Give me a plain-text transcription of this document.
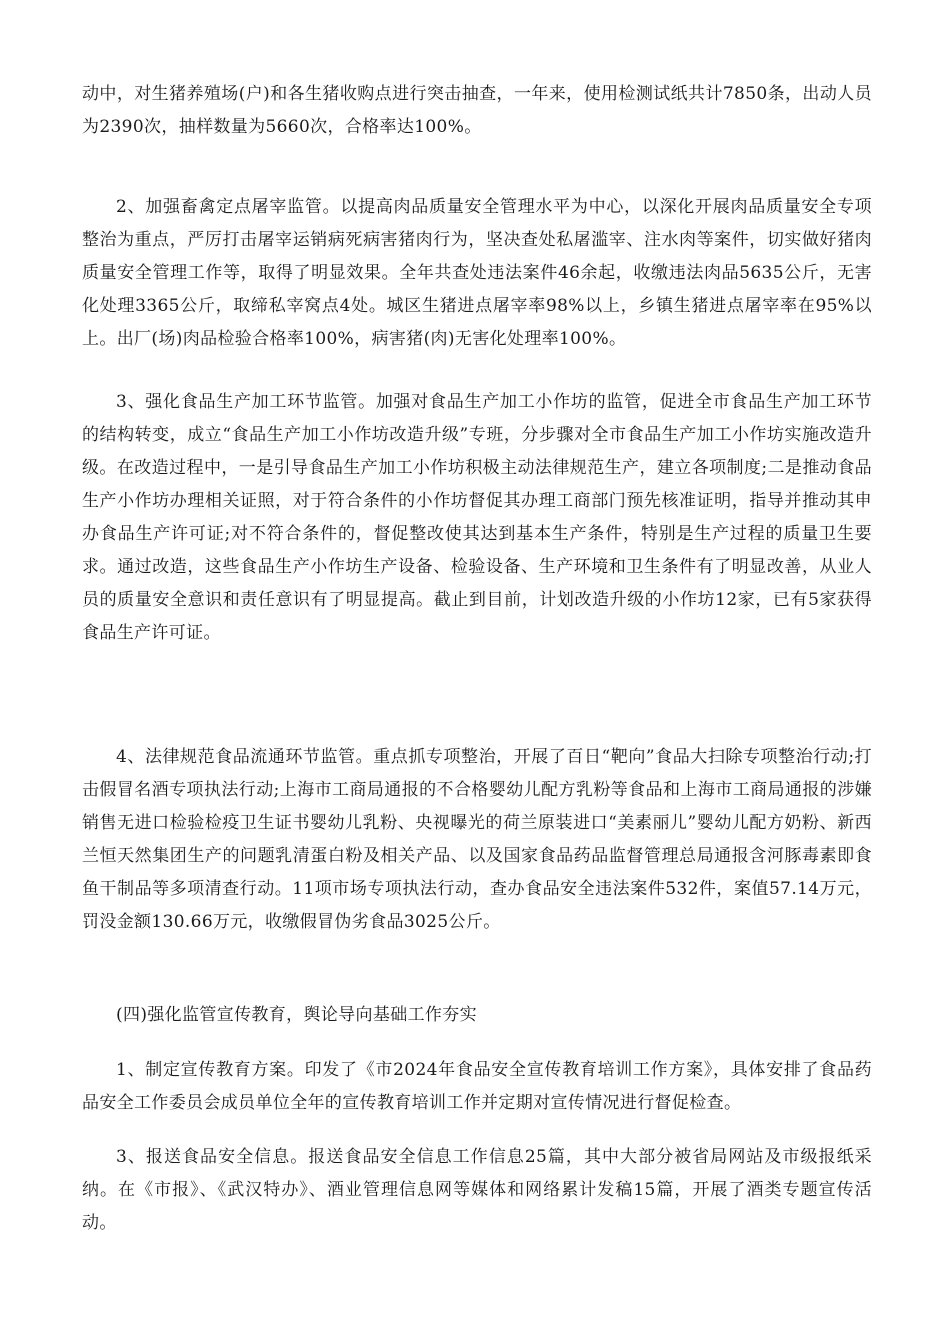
动中，对生猪养殖场(户)和各生猪收购点进行突击抽查，一年来，使用检测试纸共计7850条，出动人员为2390次，抽样数量为5660次，合格率达100%。

2、加强畜禽定点屠宰监管。以提高肉品质量安全管理水平为中心，以深化开展肉品质量安全专项整治为重点，严厉打击屠宰运销病死病害猪肉行为，坚决查处私屠滥宰、注水肉等案件，切实做好猪肉质量安全管理工作等，取得了明显效果。全年共查处违法案件46余起，收缴违法肉品5635公斤，无害化处理3365公斤，取缔私宰窝点4处。城区生猪进点屠宰率98%以上，乡镇生猪进点屠宰率在95%以上。出厂(场)肉品检验合格率100%，病害猪(肉)无害化处理率100%。

3、强化食品生产加工环节监管。加强对食品生产加工小作坊的监管，促进全市食品生产加工环节的结构转变，成立“食品生产加工小作坊改造升级”专班，分步骤对全市食品生产加工小作坊实施改造升级。在改造过程中，一是引导食品生产加工小作坊积极主动法律规范生产，建立各项制度;二是推动食品生产小作坊办理相关证照，对于符合条件的小作坊督促其办理工商部门预先核准证明，指导并推动其申办食品生产许可证;对不符合条件的，督促整改使其达到基本生产条件，特别是生产过程的质量卫生要求。通过改造，这些食品生产小作坊生产设备、检验设备、生产环境和卫生条件有了明显改善，从业人员的质量安全意识和责任意识有了明显提高。截止到目前，计划改造升级的小作坊12家，已有5家获得食品生产许可证。

4、法律规范食品流通环节监管。重点抓专项整治，开展了百日“靶向”食品大扫除专项整治行动;打击假冒名酒专项执法行动;上海市工商局通报的不合格婴幼儿配方乳粉等食品和上海市工商局通报的涉嫌销售无进口检验检疫卫生证书婴幼儿乳粉、央视曝光的荷兰原装进口“美素丽儿”婴幼儿配方奶粉、新西兰恒天然集团生产的问题乳清蛋白粉及相关产品、以及国家食品药品监督管理总局通报含河豚毒素即食鱼干制品等多项清查行动。11项市场专项执法行动，查办食品安全违法案件532件，案值57.14万元，罚没金额130.66万元，收缴假冒伪劣食品3025公斤。

(四)强化监管宣传教育，舆论导向基础工作夯实

1、制定宣传教育方案。印发了《市2024年食品安全宣传教育培训工作方案》，具体安排了食品药品安全工作委员会成员单位全年的宣传教育培训工作并定期对宣传情况进行督促检查。

3、报送食品安全信息。报送食品安全信息工作信息25篇，其中大部分被省局网站及市级报纸采纳。在《市报》、《武汉特办》、酒业管理信息网等媒体和网络累计发稿15篇，开展了酒类专题宣传活动。
